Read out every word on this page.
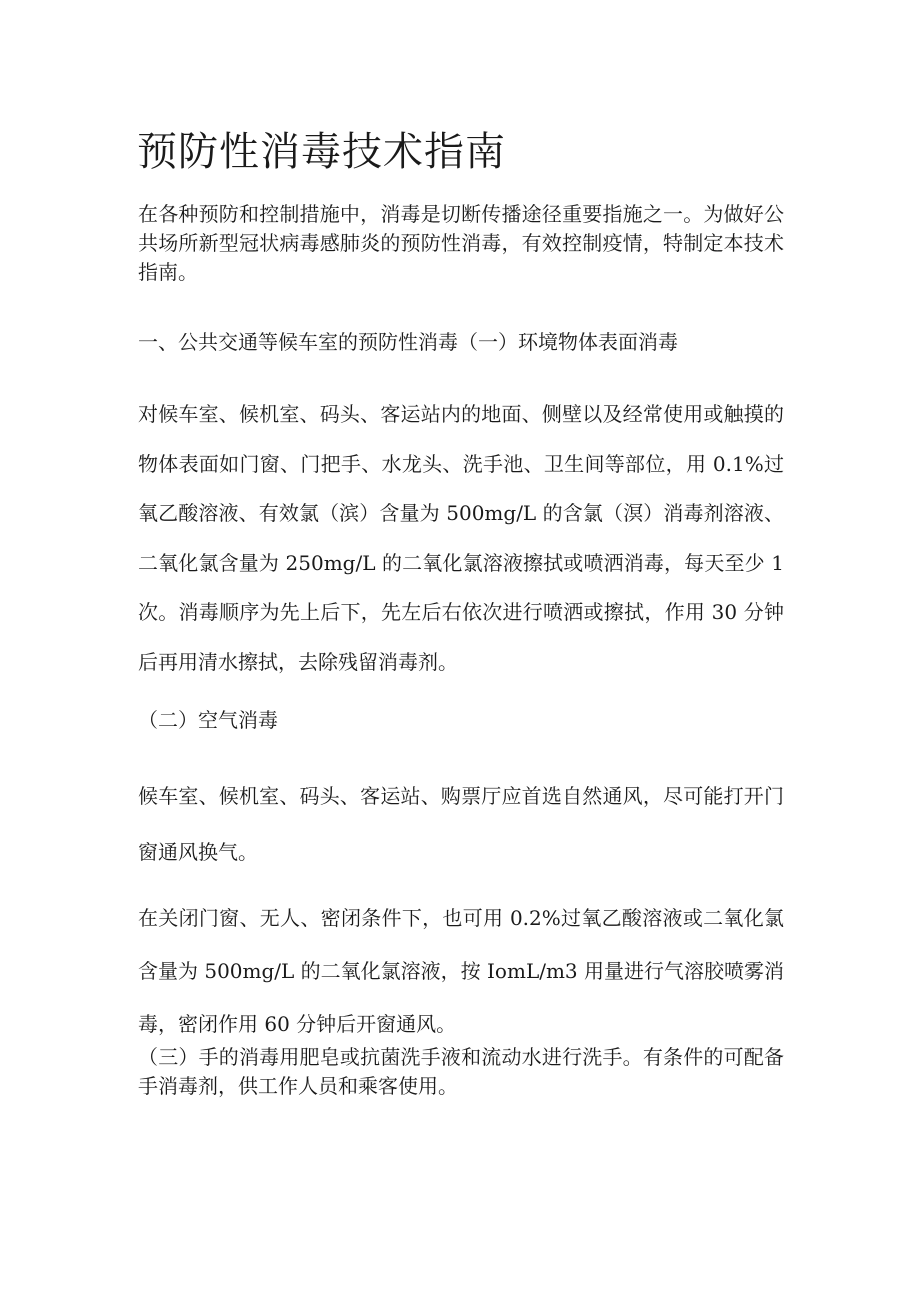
预防性消毒技术指南

在各种预防和控制措施中，消毒是切断传播途径重要指施之一。为做好公共场所新型冠状病毒感肺炎的预防性消毒，有效控制疫情，特制定本技术指南。

一、公共交通等候车室的预防性消毒（一）环境物体表面消毒

对候车室、候机室、码头、客运站内的地面、侧壁以及经常使用或触摸的物体表面如门窗、门把手、水龙头、洗手池、卫生间等部位，用 0.1%过氧乙酸溶液、有效氯（滨）含量为 500mg/L 的含氯（溟）消毒剂溶液、二氧化氯含量为 250mg/L 的二氧化氯溶液擦拭或喷洒消毒，每天至少 1 次。消毒顺序为先上后下，先左后右依次进行喷洒或擦拭，作用 30 分钟后再用清水擦拭，去除残留消毒剂。

（二）空气消毒

候车室、候机室、码头、客运站、购票厅应首选自然通风，尽可能打开门窗通风换气。

在关闭门窗、无人、密闭条件下，也可用 0.2%过氧乙酸溶液或二氧化氯含量为 500mg/L 的二氧化氯溶液，按 IomL/m3 用量进行气溶胶喷雾消毒，密闭作用 60 分钟后开窗通风。

（三）手的消毒用肥皂或抗菌洗手液和流动水进行洗手。有条件的可配备手消毒剂，供工作人员和乘客使用。
